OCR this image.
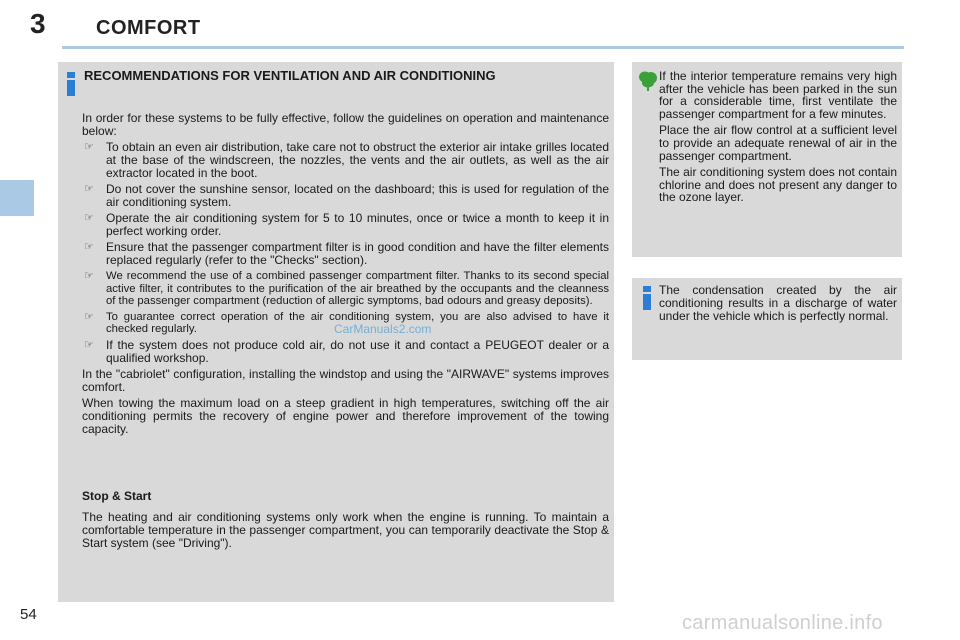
3	COMFORT
RECOMMENDATIONS FOR VENTILATION AND AIR CONDITIONING

In order for these systems to be fully effective, follow the guidelines on operation and maintenance below:

☞ To obtain an even air distribution, take care not to obstruct the exterior air intake grilles located at the base of the windscreen, the nozzles, the vents and the air outlets, as well as the air extractor located in the boot.
☞ Do not cover the sunshine sensor, located on the dashboard; this is used for regulation of the air conditioning system.
☞ Operate the air conditioning system for 5 to 10 minutes, once or twice a month to keep it in perfect working order.
☞ Ensure that the passenger compartment filter is in good condition and have the filter elements replaced regularly (refer to the "Checks" section).
☞ We recommend the use of a combined passenger compartment filter. Thanks to its second special active filter, it contributes to the purification of the air breathed by the occupants and the cleanness of the passenger compartment (reduction of allergic symptoms, bad odours and greasy deposits).
☞ To guarantee correct operation of the air conditioning system, you are also advised to have it checked regularly.
☞ If the system does not produce cold air, do not use it and contact a PEUGEOT dealer or a qualified workshop.

In the "cabriolet" configuration, installing the windstop and using the "AIRWAVE" systems improves comfort.

When towing the maximum load on a steep gradient in high temperatures, switching off the air conditioning permits the recovery of engine power and therefore improvement of the towing capacity.

Stop & Start

The heating and air conditioning systems only work when the engine is running. To maintain a comfortable temperature in the passenger compartment, you can temporarily deactivate the Stop & Start system (see "Driving").

If the interior temperature remains very high after the vehicle has been parked in the sun for a considerable time, first ventilate the passenger compartment for a few minutes.

Place the air flow control at a sufficient level to provide an adequate renewal of air in the passenger compartment.

The air conditioning system does not contain chlorine and does not present any danger to the ozone layer.

The condensation created by the air conditioning results in a discharge of water under the vehicle which is perfectly normal.
CarManuals2.com
54	carmanualsonline.info
